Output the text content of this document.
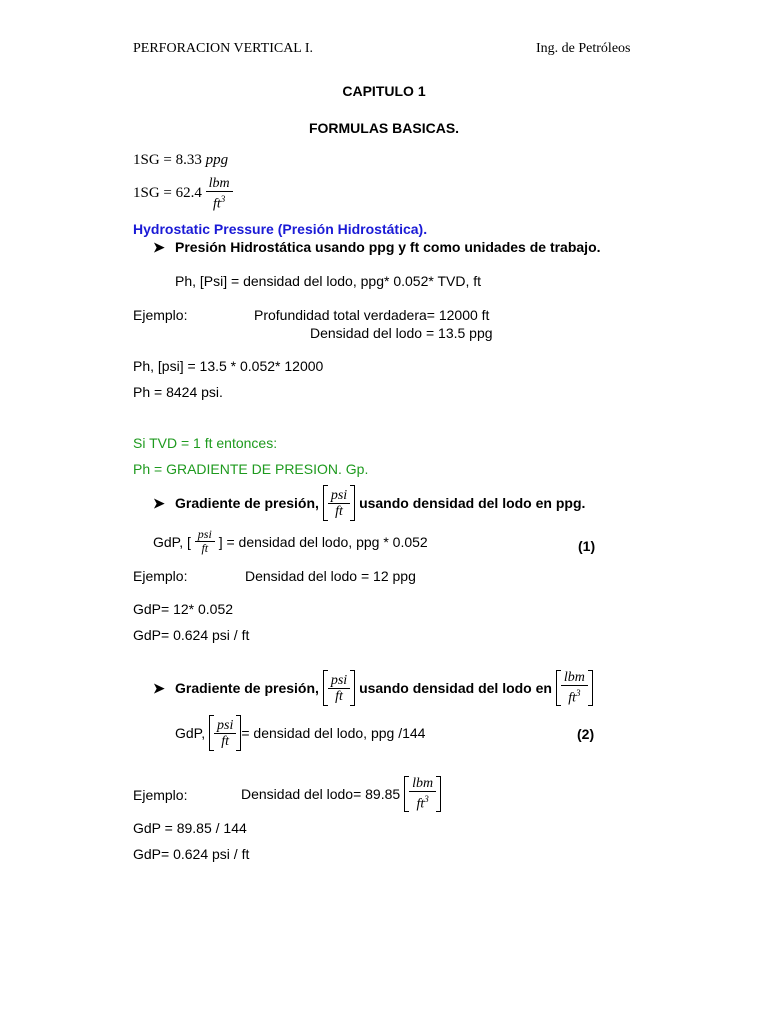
PERFORACION VERTICAL I.	Ing. de Petróleos
CAPITULO 1
FORMULAS BASICAS.
1SG = 8.33 ppg
1SG = 62.4
$\frac{\text{lbm}}{ft^3}$
Hydrostatic Pressure (Presión Hidrostática).
➤ Presión Hidrostática usando ppg y ft como unidades de trabajo.
Ph, [Psi] = densidad del lodo, ppg* 0.052* TVD, ft
Ejemplo:	Profundidad total verdadera= 12000 ft
Densidad del lodo = 13.5 ppg
Ph, [psi] = 13.5 * 0.052* 12000
Ph = 8424 psi.
Si TVD = 1 ft entonces:
Ph = GRADIENTE DE PRESION. Gp.
➤ Gradiente de presión,
$\frac{\text{psi}}{ft}$
usando densidad del lodo en ppg.
GdP, [
$\frac{\text{psi}}{ft}$
] = densidad del lodo, ppg * 0.052	(1)
Ejemplo:	Densidad del lodo = 12 ppg
GdP= 12* 0.052
GdP= 0.624 psi / ft
➤ Gradiente de presión,
$\frac{\text{psi}}{ft}$
usando densidad del lodo en
$\frac{\text{lbm}}{ft^3}$
GdP,
$\frac{\text{psi}}{ft}$ = densidad del lodo, ppg /144	(2)
Ejemplo:	Densidad del lodo= 89.85
$\frac{\text{lbm}}{ft^3}$
GdP = 89.85 / 144
GdP= 0.624 psi / ft
